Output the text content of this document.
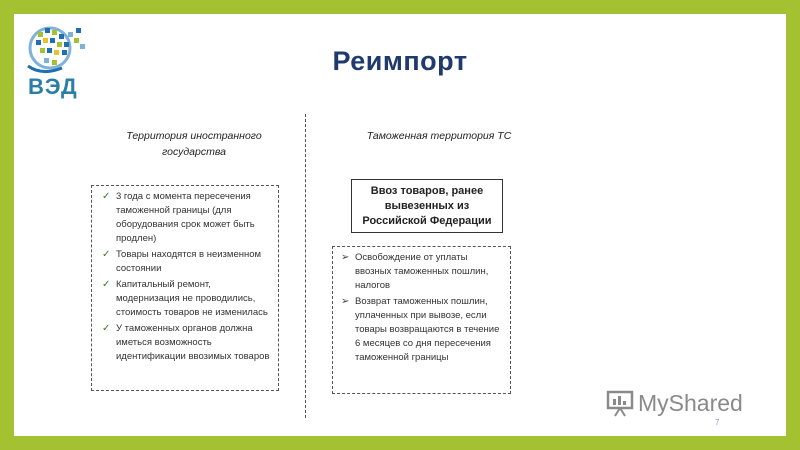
ВЭД
Реимпорт
Территория иностранного государства
Таможенная территория ТС
✓ 3 года с момента пересечения таможенной границы (для оборудования срок может быть продлен)
✓ Товары находятся в неизменном состоянии
✓ Капитальный ремонт, модернизация не проводились, стоимость товаров не изменилась
✓ У таможенных органов должна иметься возможность идентификации ввозимых товаров
Ввоз товаров, ранее вывезенных из Российской Федерации
➢ Освобождение от уплаты ввозных таможенных пошлин, налогов
➢ Возврат таможенных пошлин, уплаченных при вывозе, если товары возвращаются в течение 6 месяцев со дня пересечения таможенной границы
MyShared
7
